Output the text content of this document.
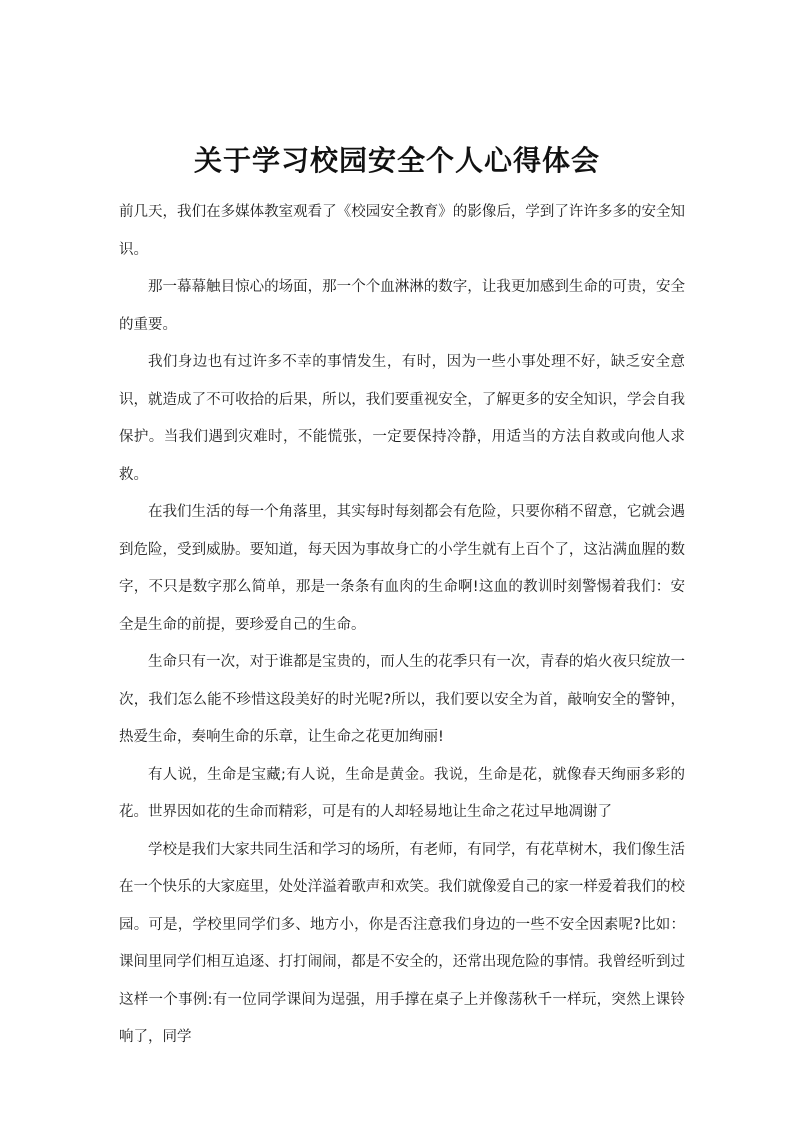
关于学习校园安全个人心得体会

前几天，我们在多媒体教室观看了《校园安全教育》的影像后，学到了许许多多的安全知识。

那一幕幕触目惊心的场面，那一个个血淋淋的数字，让我更加感到生命的可贵，安全的重要。

我们身边也有过许多不幸的事情发生，有时，因为一些小事处理不好，缺乏安全意识，就造成了不可收拾的后果，所以，我们要重视安全，了解更多的安全知识，学会自我保护。当我们遇到灾难时，不能慌张，一定要保持冷静，用适当的方法自救或向他人求救。

在我们生活的每一个角落里，其实每时每刻都会有危险，只要你稍不留意，它就会遇到危险，受到威胁。要知道，每天因为事故身亡的小学生就有上百个了，这沾满血腥的数字，不只是数字那么简单，那是一条条有血肉的生命啊!这血的教训时刻警惕着我们：安全是生命的前提，要珍爱自己的生命。

生命只有一次，对于谁都是宝贵的，而人生的花季只有一次，青春的焰火夜只绽放一次，我们怎么能不珍惜这段美好的时光呢?所以，我们要以安全为首，敲响安全的警钟，热爱生命，奏响生命的乐章，让生命之花更加绚丽!

有人说，生命是宝藏;有人说，生命是黄金。我说，生命是花，就像春天绚丽多彩的花。世界因如花的生命而精彩，可是有的人却轻易地让生命之花过早地凋谢了

学校是我们大家共同生活和学习的场所，有老师，有同学，有花草树木，我们像生活在一个快乐的大家庭里，处处洋溢着歌声和欢笑。我们就像爱自己的家一样爱着我们的校园。可是，学校里同学们多、地方小，你是否注意我们身边的一些不安全因素呢?比如：课间里同学们相互追逐、打打闹闹，都是不安全的，还常出现危险的事情。我曾经听到过这样一个事例:有一位同学课间为逞强，用手撑在桌子上并像荡秋千一样玩，突然上课铃响了，同学
